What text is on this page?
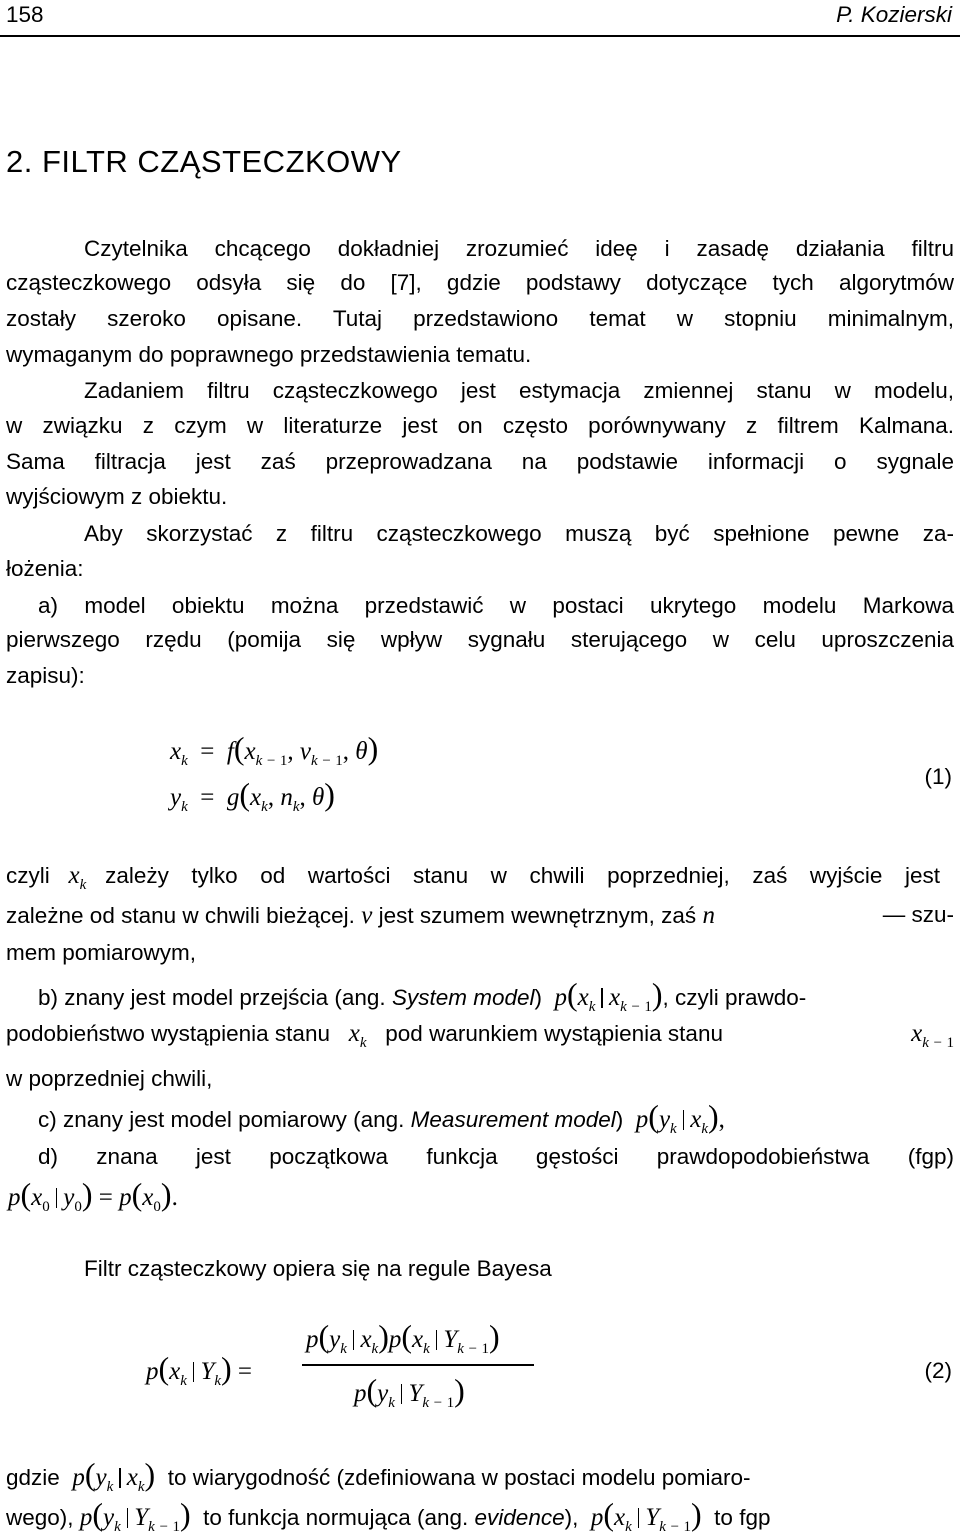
158	P. Kozierski
2. FILTR CZĄSTECZKOWY
Czytelnika chcącego dokładniej zrozumieć ideę i zasadę działania filtru
cząsteczkowego odsyła się do [7], gdzie podstawy dotyczące tych algorytmów
zostały szeroko opisane. Tutaj przedstawiono temat w stopniu minimalnym,
wymaganym do poprawnego przedstawienia tematu.
Zadaniem filtru cząsteczkowego jest estymacja zmiennej stanu w modelu,
w związku z czym w literaturze jest on często porównywany z filtrem Kalmana.
Sama filtracja jest zaś przeprowadzana na podstawie informacji o sygnale
wyjściowym z obiektu.
Aby skorzystać z filtru cząsteczkowego muszą być spełnione pewne za-
łożenia:
a) model obiektu można przedstawić w postaci ukrytego modelu Markowa
pierwszego rzędu (pomija się wpływ sygnału sterującego w celu uproszczenia
zapisu):
$x_k = f(x_{k -}$ $_1$, $v_{k -}$ $_1$, θ)
$y_k = g(x_k$, $n_k$, θ)	(1)
czyli $x_k$ zależy tylko od wartości stanu w chwili poprzedniej, zaś wyjście jest
zależne od stanu w chwili bieżącej. v jest szumem wewnętrznym, zaś n	— szu-
mem pomiarowym,
b) znany jest model przejścia (ang. System model) $p(x_k$ $x_{k -}$ $_1$), czyli prawdo-
podobieństwo wystąpienia stanu $x_k$ pod warunkiem wystąpienia stanu	$x_{k -}$ $_1$
w poprzedniej chwili,
c) znany jest model pomiarowy (ang. Measurement model) $p(y_k$ $x_k$),
d) znana jest początkowa funkcja gęstości prawdopodobieństwa (fgp)
$p(x_0$ $y_0) = p(x_0)$.
Filtr cząsteczkowy opiera się na regule Bayesa
$p(x_k$ $Y_k$) =
$p(y_k$ $x_k)p(x_k$ $Y_{k -}$ $_1$)
$p(y_k$ $Y_{k -}$ $_1$)
(2)
gdzie $p(y_k$ $x_k$) to wiarygodność (zdefiniowana w postaci modelu pomiaro-
wego), $p(y_k$ $Y_{k -}$ $_1$) to funkcja normująca (ang. evidence), $p(x_k$ $Y_{k -}$ $_1$) to fgp
